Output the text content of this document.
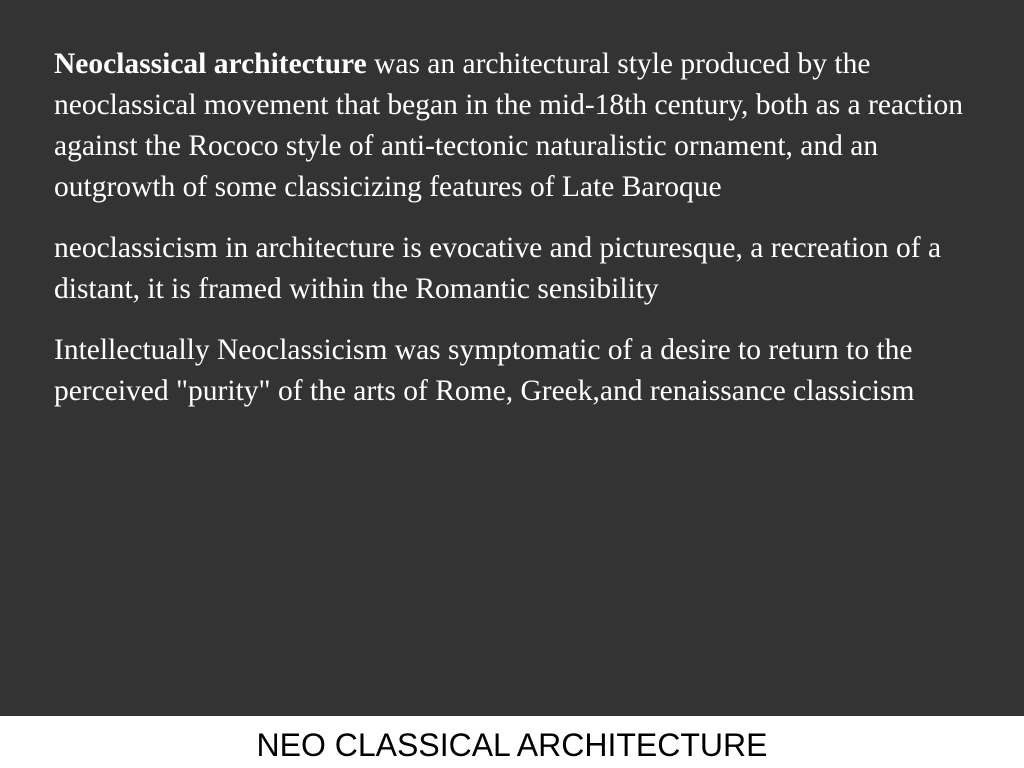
Neoclassical architecture was an architectural style produced by the neoclassical movement that began in the mid-18th century, both as a reaction against the Rococo style of anti-tectonic naturalistic ornament, and an outgrowth of some classicizing features of Late Baroque

neoclassicism in architecture is evocative and picturesque, a recreation of a distant, it is framed within the Romantic sensibility

Intellectually Neoclassicism was symptomatic of a desire to return to the perceived "purity" of the arts of Rome, Greek,and renaissance classicism

NEO CLASSICAL ARCHITECTURE
